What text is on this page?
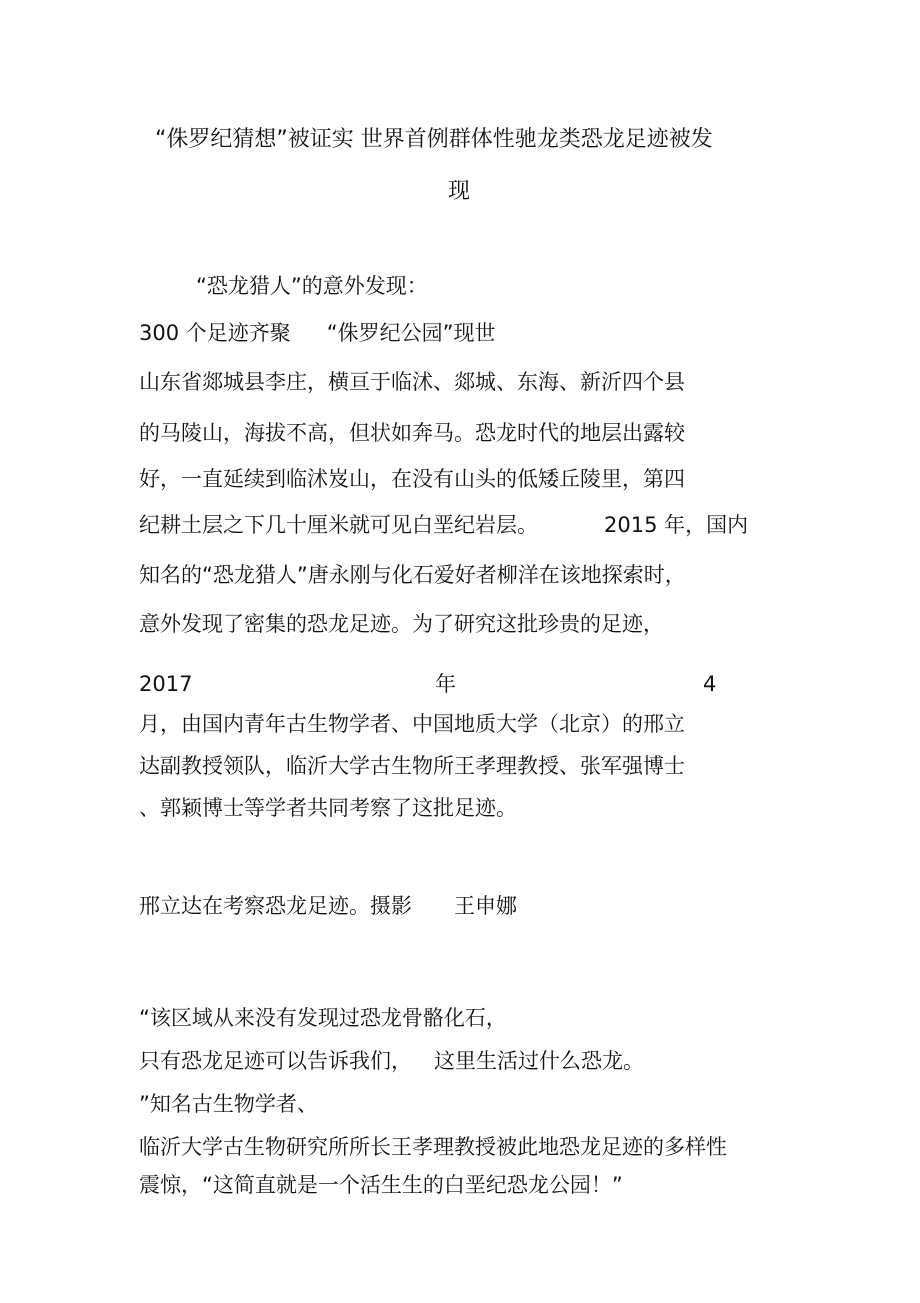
“侏罗纪猜想”被证实 世界首例群体性驰龙类恐龙足迹被发

现

“恐龙猎人”的意外发现：

300 个足迹齐聚 “侏罗纪公园”现世

山东省郯城县李庄，横亘于临沭、郯城、东海、新沂四个县

的马陵山，海拔不高，但状如奔马。恐龙时代的地层出露较

好，一直延续到临沭岌山，在没有山头的低矮丘陵里，第四

纪耕土层之下几十厘米就可见白垩纪岩层。	2015 年，国内

知名的“恐龙猎人”唐永刚与化石爱好者柳洋在该地探索时，

意外发现了密集的恐龙足迹。为了研究这批珍贵的足迹，

2017	年	4

月，由国内青年古生物学者、中国地质大学（北京）的邢立

达副教授领队，临沂大学古生物所王孝理教授、张军强博士

、郭颖博士等学者共同考察了这批足迹。

邢立达在考察恐龙足迹。摄影 王申娜

“该区域从来没有发现过恐龙骨骼化石，

只有恐龙足迹可以告诉我们， 这里生活过什么恐龙。

”知名古生物学者、

临沂大学古生物研究所所长王孝理教授被此地恐龙足迹的多样性

震惊，“这简直就是一个活生生的白垩纪恐龙公园！”
